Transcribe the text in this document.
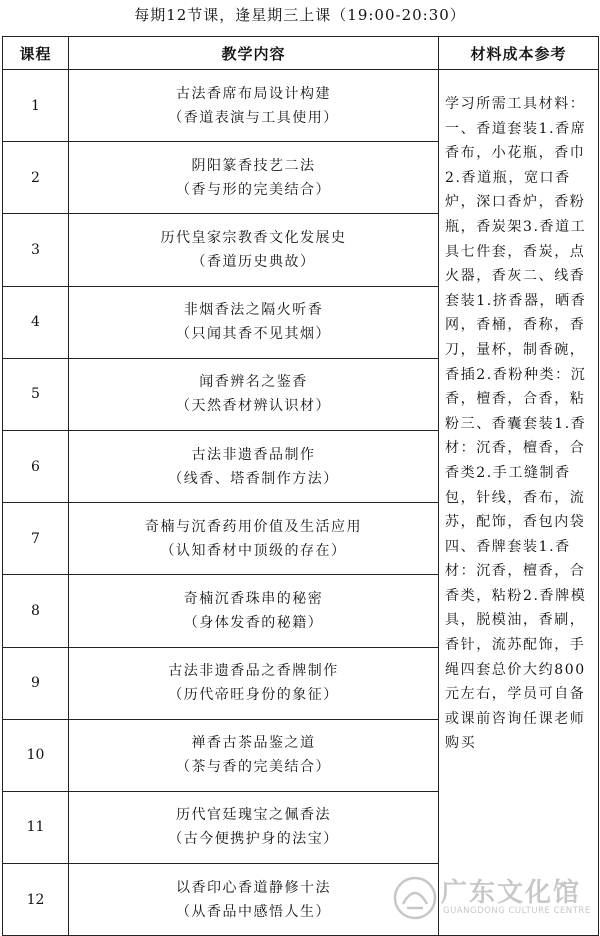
每期12节课，逢星期三上课（19:00-20:30）
课程	教学内容	材料成本参考
1	古法香席布局设计构建
（香道表演与工具使用）	学习所需工具材料：一、香道套装1.香席香布，小花瓶，香巾2.香道瓶，宽口香炉，深口香炉，香粉瓶，香炭架3.香道工具七件套，香炭，点火器，香灰二、线香套装1.挤香器，晒香网，香桶，香称，香刀，量杯，制香碗，香插2.香粉种类：沉香，檀香，合香，粘粉三、香囊套装1.香材：沉香，檀香，合香类2.手工缝制香包，针线，香布，流苏，配饰，香包内袋四、香牌套装1.香材：沉香，檀香，合香类，粘粉2.香牌模具，脱模油，香刷，香针，流苏配饰，手绳四套总价大约800元左右，学员可自备或课前咨询任课老师购买
2	阴阳篆香技艺二法
（香与形的完美结合）	

3	历代皇家宗教香文化发展史
（香道历史典故）	

4	非烟香法之隔火听香
（只闻其香不见其烟）	

5	闻香辨名之鉴香
（天然香材辨认识材）	

6	古法非遗香品制作
（线香、塔香制作方法）	

7	奇楠与沉香药用价值及生活应用
（认知香材中顶级的存在）	

8	奇楠沉香珠串的秘密
（身体发香的秘籍）	

9	古法非遗香品之香牌制作
（历代帝旺身份的象征）	

10	禅香古茶品鉴之道
（茶与香的完美结合）	

11	历代官廷瑰宝之佩香法
（古今便携护身的法宝）	

12	以香印心香道静修十法
（从香品中感悟人生）	
广东文化馆
GUANGDONG CULTURE CENTRE
